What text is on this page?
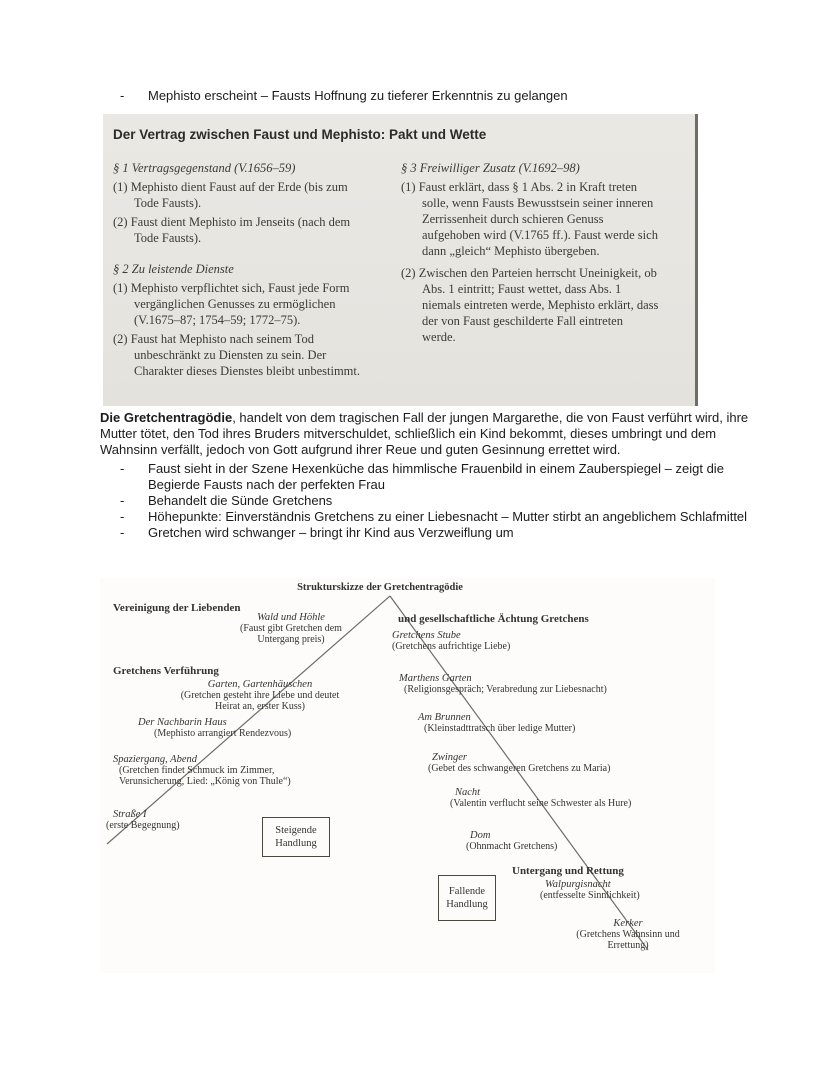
-	Mephisto erscheint – Fausts Hoffnung zu tieferer Erkenntnis zu gelangen
Der Vertrag zwischen Faust und Mephisto: Pakt und Wette
§ 1 Vertragsgegenstand (V.1656–59)
(1) Mephisto dient Faust auf der Erde (bis zum Tode Fausts).
(2) Faust dient Mephisto im Jenseits (nach dem Tode Fausts).
§ 2 Zu leistende Dienste
(1) Mephisto verpflichtet sich, Faust jede Form vergänglichen Genusses zu ermöglichen (V.1675–87; 1754–59; 1772–75).
(2) Faust hat Mephisto nach seinem Tod unbeschränkt zu Diensten zu sein. Der Charakter dieses Dienstes bleibt unbestimmt.
§ 3 Freiwilliger Zusatz (V.1692–98)
(1) Faust erklärt, dass § 1 Abs. 2 in Kraft treten solle, wenn Fausts Bewusstsein seiner inneren Zerrissenheit durch schieren Genuss aufgehoben wird (V.1765 ff.). Faust werde sich dann „gleich“ Mephisto übergeben.
(2) Zwischen den Parteien herrscht Uneinigkeit, ob Abs. 1 eintritt; Faust wettet, dass Abs. 1 niemals eintreten werde, Mephisto erklärt, dass der von Faust geschilderte Fall eintreten werde.

Die Gretchentragödie, handelt von dem tragischen Fall der jungen Margarethe, die von Faust verführt wird, ihre Mutter tötet, den Tod ihres Bruders mitverschuldet, schließlich ein Kind bekommt, dieses umbringt und dem Wahnsinn verfällt, jedoch von Gott aufgrund ihrer Reue und guten Gesinnung errettet wird.

-	Faust sieht in der Szene Hexenküche das himmlische Frauenbild in einem Zauberspiegel – zeigt die Begierde Fausts nach der perfekten Frau
-	Behandelt die Sünde Gretchens
-	Höhepunkte: Einverständnis Gretchens zu einer Liebesnacht – Mutter stirbt an angeblichem Schlafmittel
-	Gretchen wird schwanger – bringt ihr Kind aus Verzweiflung um
Strukturskizze der Gretchentragödie
Vereinigung der Liebenden
und gesellschaftliche Ächtung Gretchens
Gretchens Verführung
Untergang und Rettung
Wald und Höhle
(Faust gibt Gretchen dem Untergang preis)	Gretchens Stube
(Gretchens aufrichtige Liebe)
Garten, Gartenhäuschen
(Gretchen gesteht ihre Liebe und deutet Heirat an, erster Kuss)
Marthens Garten
(Religionsgespräch; Verabredung zur Liebesnacht)
Der Nachbarin Haus
(Mephisto arrangiert Rendezvous)
Am Brunnen
(Kleinstadttratsch über ledige Mutter)
Spaziergang, Abend
(Gretchen findet Schmuck im Zimmer, Verunsicherung, Lied: „König von Thule“)
Zwinger
(Gebet des schwangeren Gretchens zu Maria)
Nacht
(Valentin verflucht seine Schwester als Hure)
Straße I
(erste Begegnung)	Steigende Handlung
Dom
(Ohnmacht Gretchens)
Fallende Handlung
Walpurgisnacht
(entfesselte Sinnlichkeit)
Kerker
(Gretchens Wahnsinn und Errettung)
